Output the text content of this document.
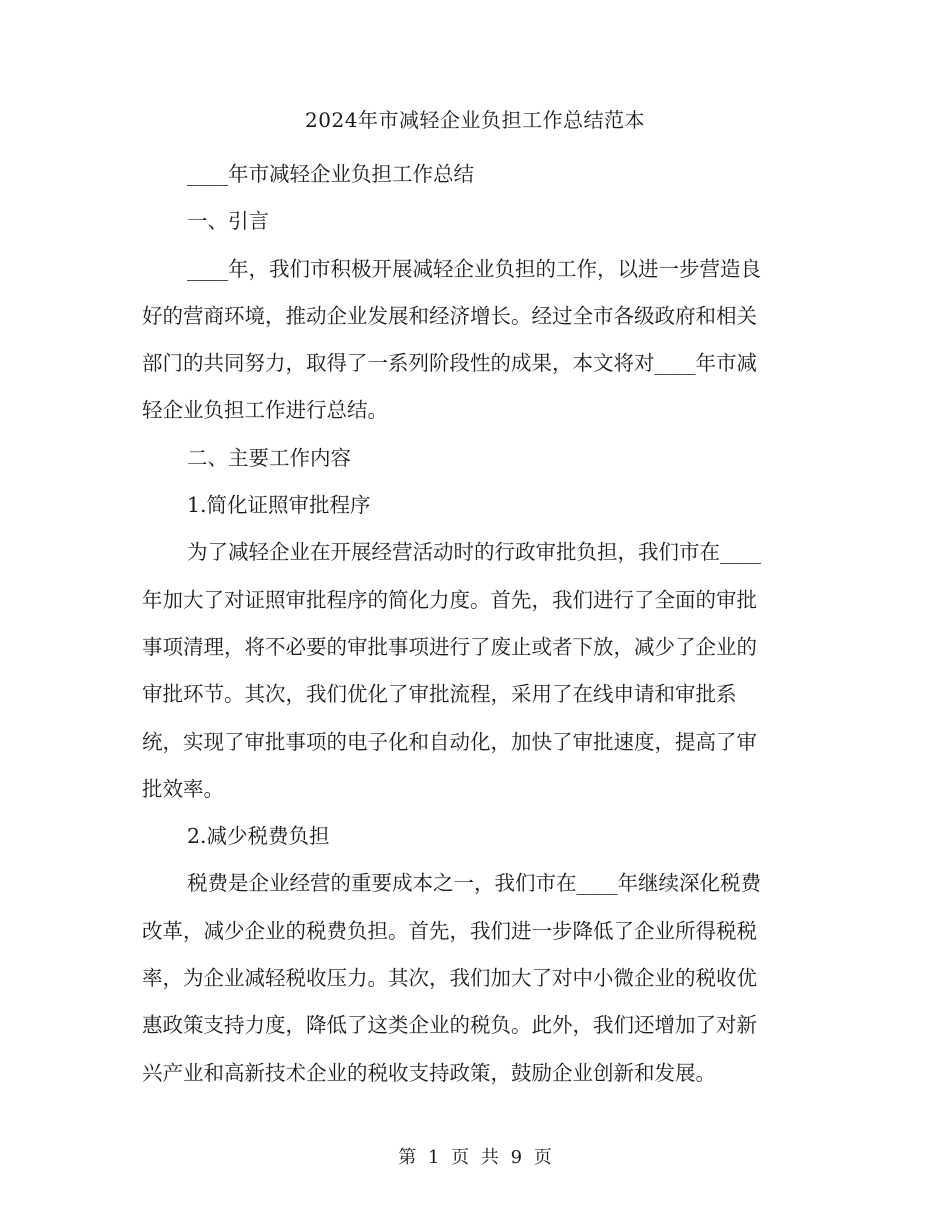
2024年市减轻企业负担工作总结范本
____年市减轻企业负担工作总结
一、引言
____年，我们市积极开展减轻企业负担的工作，以进一步营造良
好的营商环境，推动企业发展和经济增长。经过全市各级政府和相关
部门的共同努力，取得了一系列阶段性的成果，本文将对____年市减
轻企业负担工作进行总结。
二、主要工作内容
1.简化证照审批程序
为了减轻企业在开展经营活动时的行政审批负担，我们市在____
年加大了对证照审批程序的简化力度。首先，我们进行了全面的审批
事项清理，将不必要的审批事项进行了废止或者下放，减少了企业的
审批环节。其次，我们优化了审批流程，采用了在线申请和审批系
统，实现了审批事项的电子化和自动化，加快了审批速度，提高了审
批效率。
2.减少税费负担
税费是企业经营的重要成本之一，我们市在____年继续深化税费
改革，减少企业的税费负担。首先，我们进一步降低了企业所得税税
率，为企业减轻税收压力。其次，我们加大了对中小微企业的税收优
惠政策支持力度，降低了这类企业的税负。此外，我们还增加了对新
兴产业和高新技术企业的税收支持政策，鼓励企业创新和发展。
第 1 页 共 9 页
